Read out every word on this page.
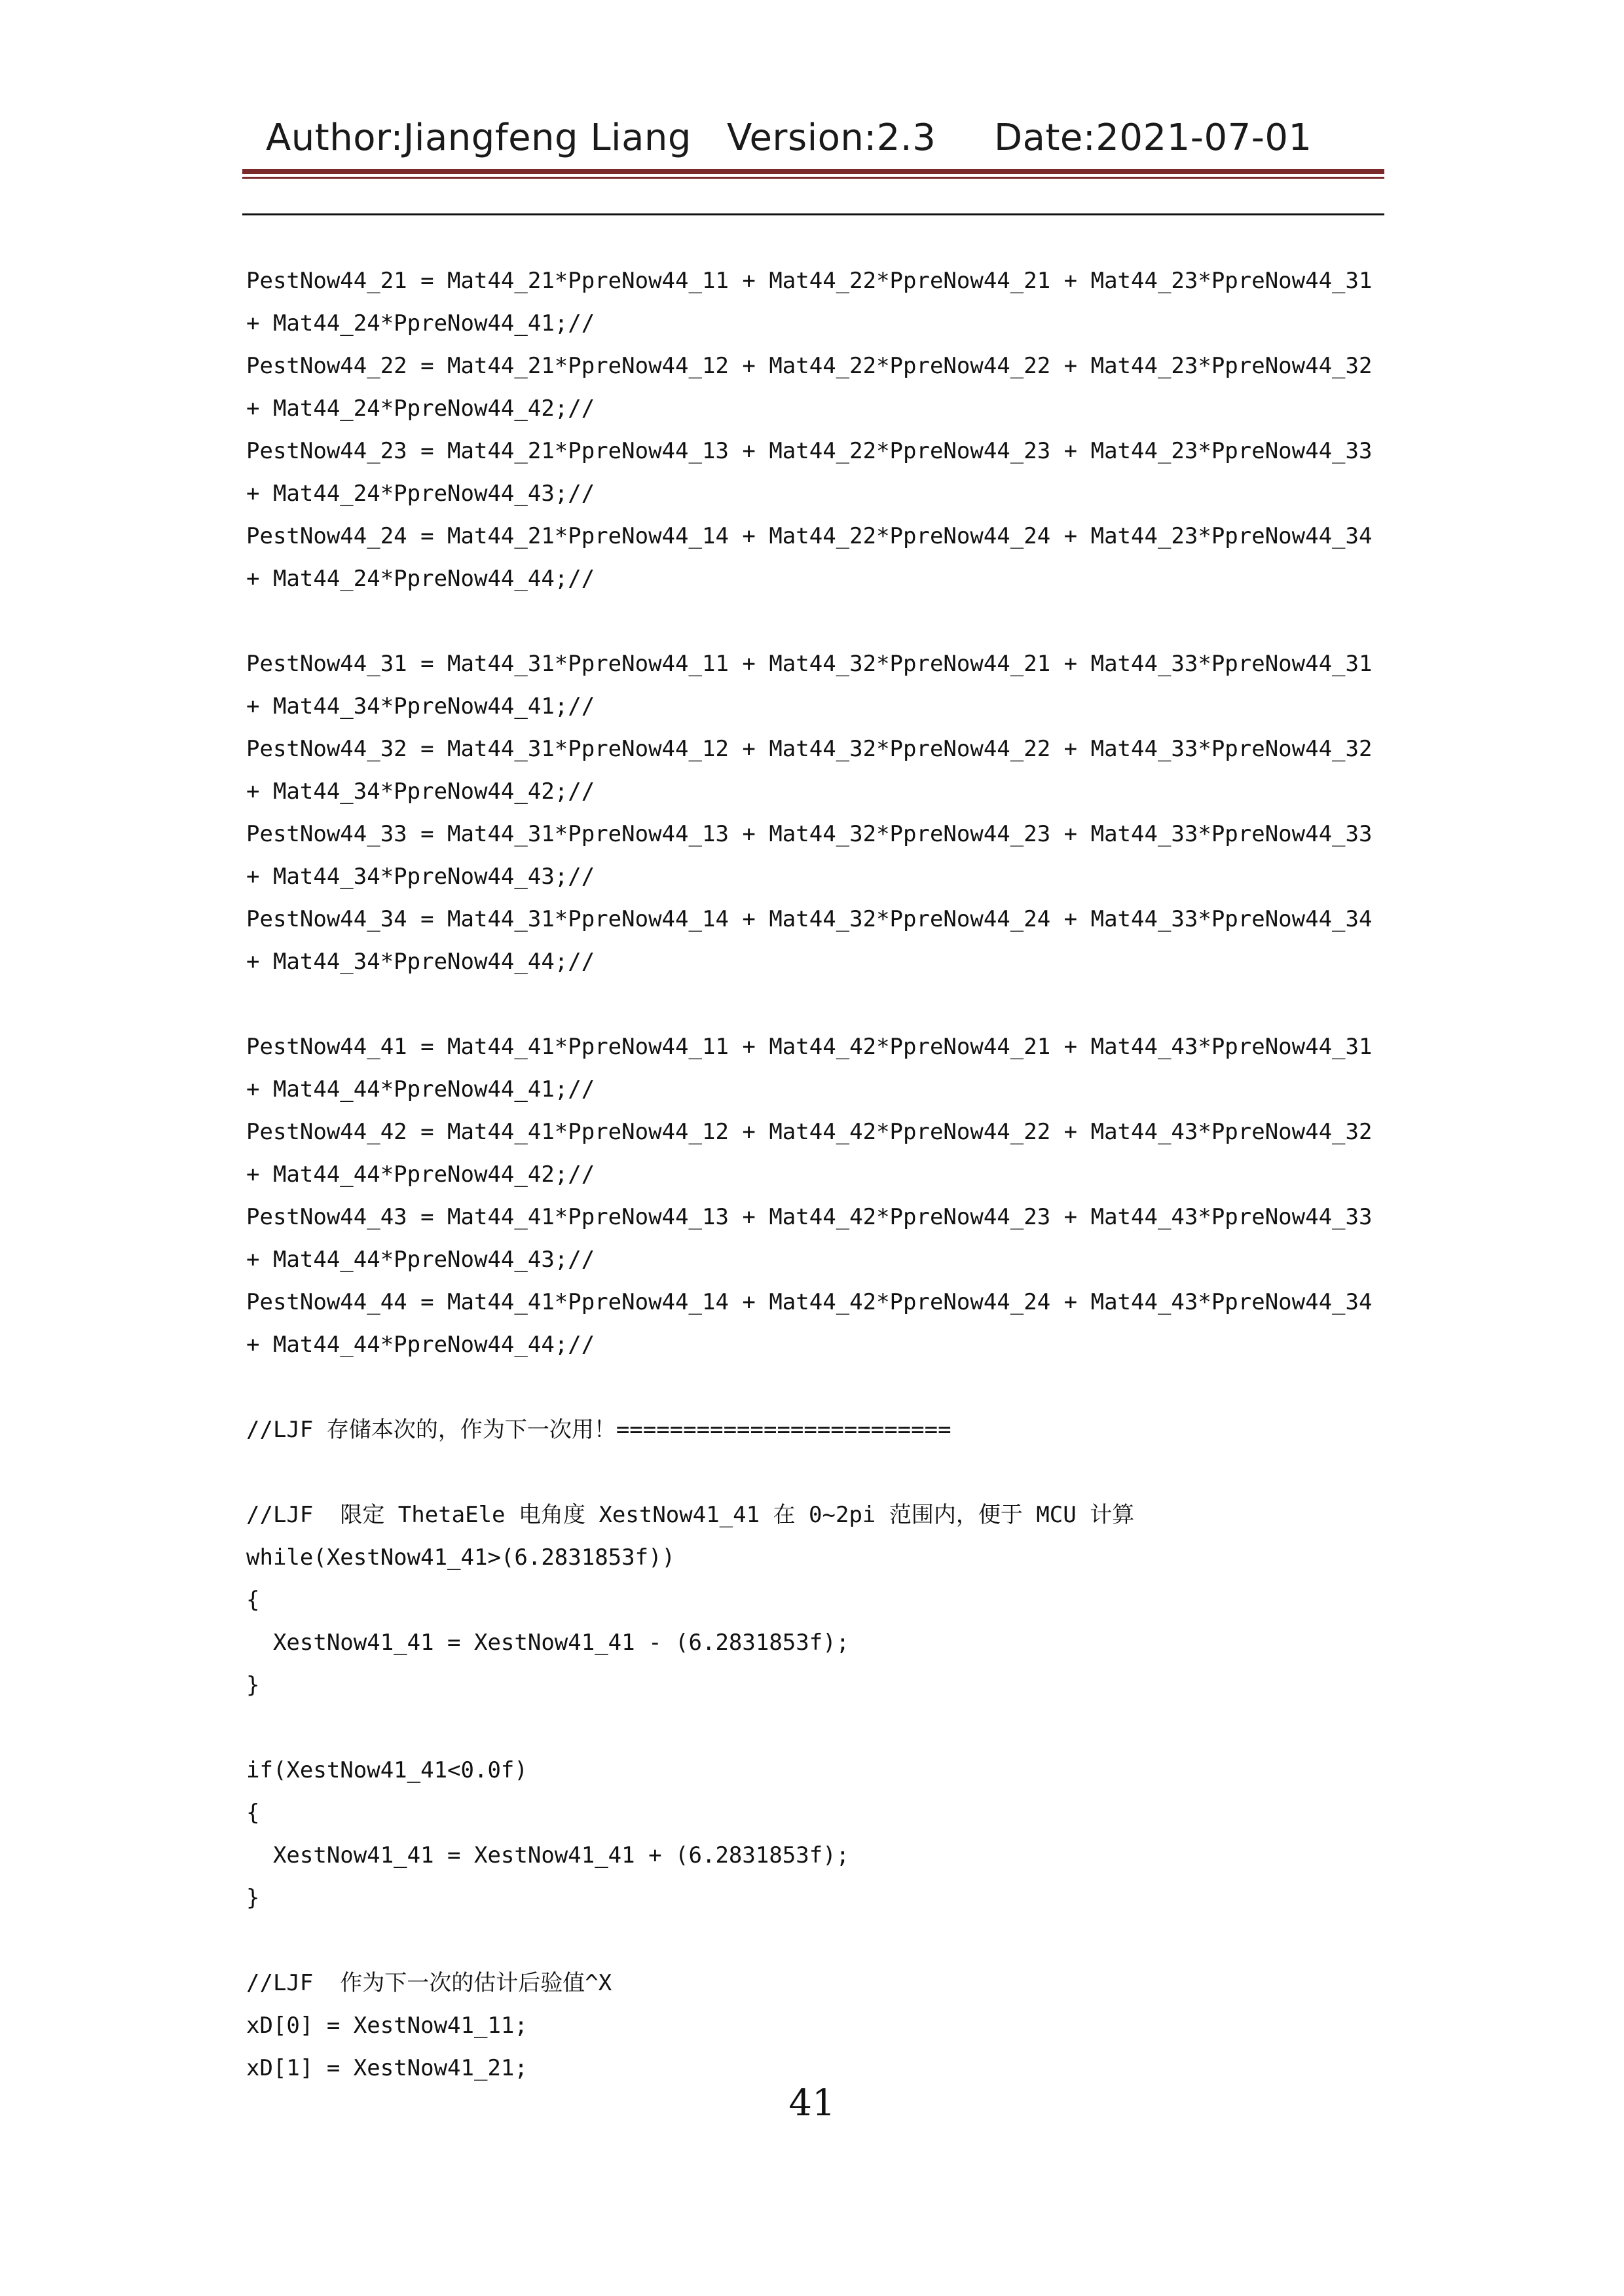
Author:Jiangfeng Liang Version:2.3 Date:2021-07-01
PestNow44_21 = Mat44_21*PpreNow44_11 + Mat44_22*PpreNow44_21 + Mat44_23*PpreNow44_31
+ Mat44_24*PpreNow44_41;//
PestNow44_22 = Mat44_21*PpreNow44_12 + Mat44_22*PpreNow44_22 + Mat44_23*PpreNow44_32
+ Mat44_24*PpreNow44_42;//
PestNow44_23 = Mat44_21*PpreNow44_13 + Mat44_22*PpreNow44_23 + Mat44_23*PpreNow44_33
+ Mat44_24*PpreNow44_43;//
PestNow44_24 = Mat44_21*PpreNow44_14 + Mat44_22*PpreNow44_24 + Mat44_23*PpreNow44_34
+ Mat44_24*PpreNow44_44;//
PestNow44_31 = Mat44_31*PpreNow44_11 + Mat44_32*PpreNow44_21 + Mat44_33*PpreNow44_31
+ Mat44_34*PpreNow44_41;//
PestNow44_32 = Mat44_31*PpreNow44_12 + Mat44_32*PpreNow44_22 + Mat44_33*PpreNow44_32
+ Mat44_34*PpreNow44_42;//
PestNow44_33 = Mat44_31*PpreNow44_13 + Mat44_32*PpreNow44_23 + Mat44_33*PpreNow44_33
+ Mat44_34*PpreNow44_43;//
PestNow44_34 = Mat44_31*PpreNow44_14 + Mat44_32*PpreNow44_24 + Mat44_33*PpreNow44_34
+ Mat44_34*PpreNow44_44;//
PestNow44_41 = Mat44_41*PpreNow44_11 + Mat44_42*PpreNow44_21 + Mat44_43*PpreNow44_31
+ Mat44_44*PpreNow44_41;//
PestNow44_42 = Mat44_41*PpreNow44_12 + Mat44_42*PpreNow44_22 + Mat44_43*PpreNow44_32
+ Mat44_44*PpreNow44_42;//
PestNow44_43 = Mat44_41*PpreNow44_13 + Mat44_42*PpreNow44_23 + Mat44_43*PpreNow44_33
+ Mat44_44*PpreNow44_43;//
PestNow44_44 = Mat44_41*PpreNow44_14 + Mat44_42*PpreNow44_24 + Mat44_43*PpreNow44_34
+ Mat44_44*PpreNow44_44;//
//LJF 存储本次的，作为下一次用！=========================
//LJF  限定 ThetaEle 电角度 XestNow41_41 在 0~2pi 范围内，便于 MCU 计算
while(XestNow41_41>(6.2831853f))
{
XestNow41_41 = XestNow41_41 - (6.2831853f);
}
if(XestNow41_41<0.0f)
{
XestNow41_41 = XestNow41_41 + (6.2831853f);
}
//LJF  作为下一次的估计后验值^X
xD[0] = XestNow41_11;
xD[1] = XestNow41_21;
41
